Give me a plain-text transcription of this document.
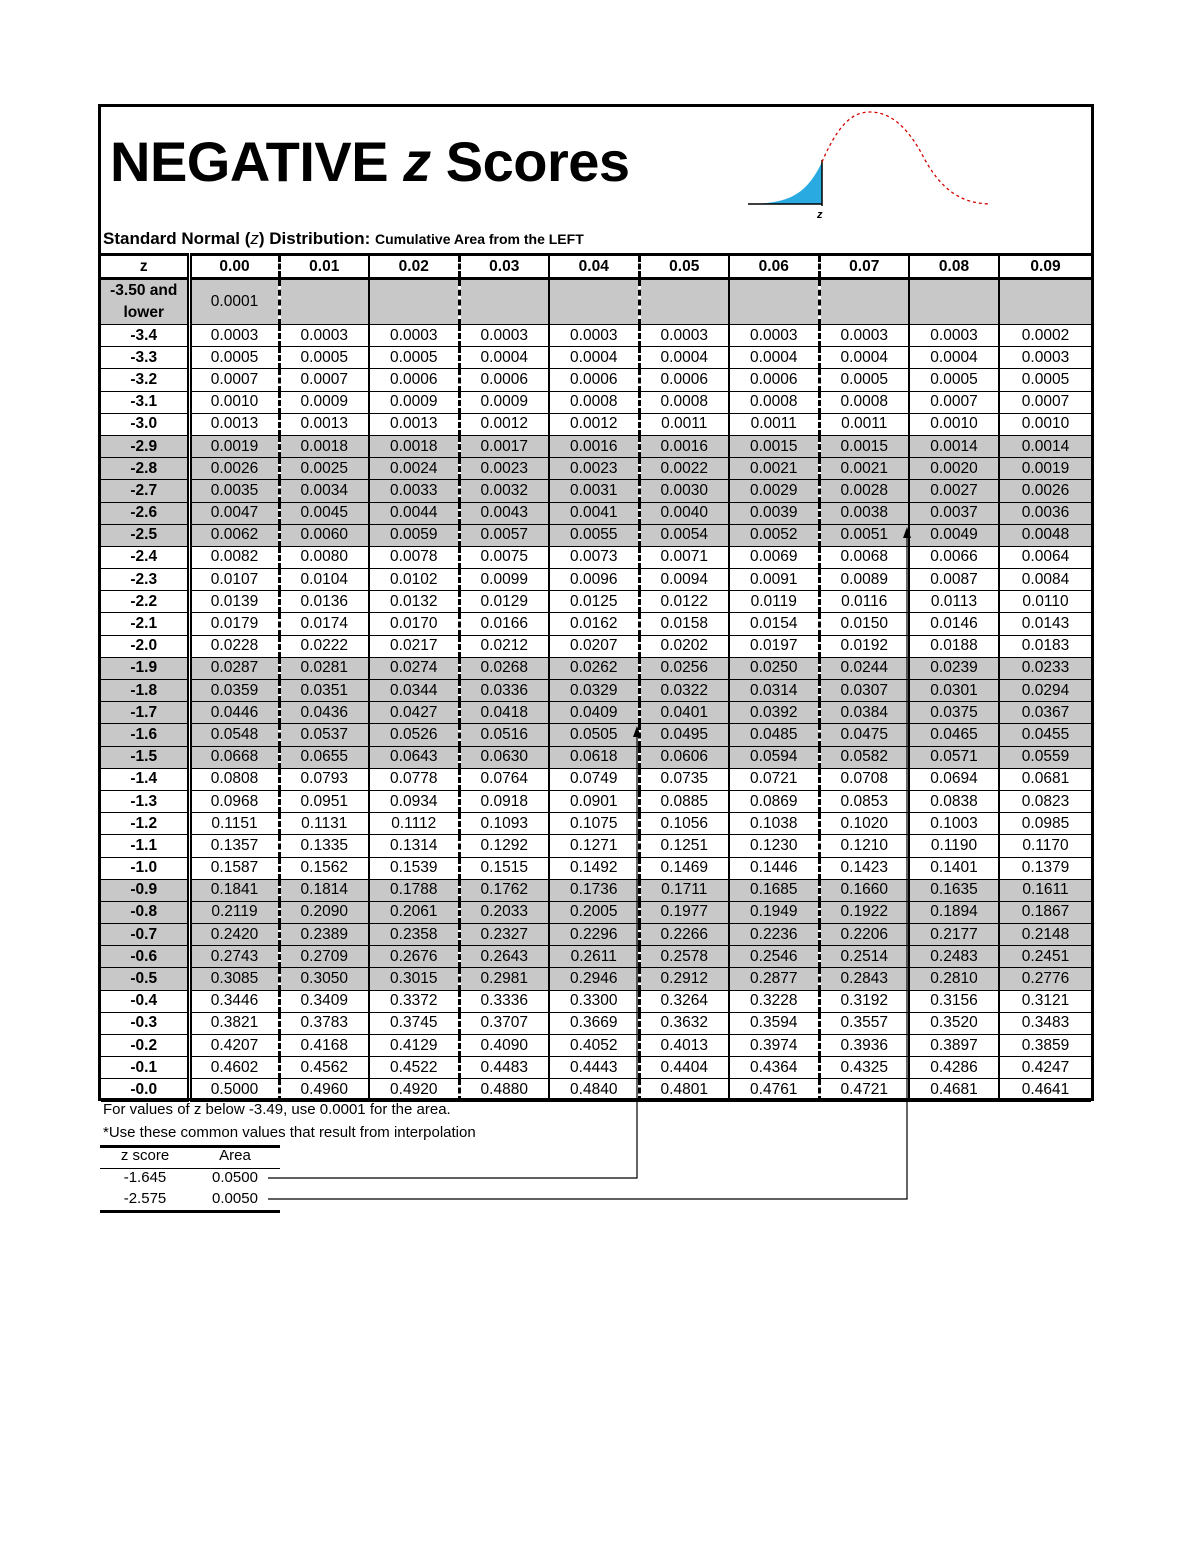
NEGATIVE z Scores
z
Standard Normal (z) Distribution: Cumulative Area from the LEFT
z	0.00	0.01	0.02	0.03	0.04	0.05	0.06	0.07	0.08	0.09
-3.50 and lower	0.0001									
-3.4	0.0003	0.0003	0.0003	0.0003	0.0003	0.0003	0.0003	0.0003	0.0003	0.0002
-3.3	0.0005	0.0005	0.0005	0.0004	0.0004	0.0004	0.0004	0.0004	0.0004	0.0003
-3.2	0.0007	0.0007	0.0006	0.0006	0.0006	0.0006	0.0006	0.0005	0.0005	0.0005
-3.1	0.0010	0.0009	0.0009	0.0009	0.0008	0.0008	0.0008	0.0008	0.0007	0.0007
-3.0	0.0013	0.0013	0.0013	0.0012	0.0012	0.0011	0.0011	0.0011	0.0010	0.0010
-2.9	0.0019	0.0018	0.0018	0.0017	0.0016	0.0016	0.0015	0.0015	0.0014	0.0014
-2.8	0.0026	0.0025	0.0024	0.0023	0.0023	0.0022	0.0021	0.0021	0.0020	0.0019
-2.7	0.0035	0.0034	0.0033	0.0032	0.0031	0.0030	0.0029	0.0028	0.0027	0.0026
-2.6	0.0047	0.0045	0.0044	0.0043	0.0041	0.0040	0.0039	0.0038	0.0037	0.0036
-2.5	0.0062	0.0060	0.0059	0.0057	0.0055	0.0054	0.0052	0.0051	0.0049	0.0048
-2.4	0.0082	0.0080	0.0078	0.0075	0.0073	0.0071	0.0069	0.0068	0.0066	0.0064
-2.3	0.0107	0.0104	0.0102	0.0099	0.0096	0.0094	0.0091	0.0089	0.0087	0.0084
-2.2	0.0139	0.0136	0.0132	0.0129	0.0125	0.0122	0.0119	0.0116	0.0113	0.0110
-2.1	0.0179	0.0174	0.0170	0.0166	0.0162	0.0158	0.0154	0.0150	0.0146	0.0143
-2.0	0.0228	0.0222	0.0217	0.0212	0.0207	0.0202	0.0197	0.0192	0.0188	0.0183
-1.9	0.0287	0.0281	0.0274	0.0268	0.0262	0.0256	0.0250	0.0244	0.0239	0.0233
-1.8	0.0359	0.0351	0.0344	0.0336	0.0329	0.0322	0.0314	0.0307	0.0301	0.0294
-1.7	0.0446	0.0436	0.0427	0.0418	0.0409	0.0401	0.0392	0.0384	0.0375	0.0367
-1.6	0.0548	0.0537	0.0526	0.0516	0.0505	0.0495	0.0485	0.0475	0.0465	0.0455
-1.5	0.0668	0.0655	0.0643	0.0630	0.0618	0.0606	0.0594	0.0582	0.0571	0.0559
-1.4	0.0808	0.0793	0.0778	0.0764	0.0749	0.0735	0.0721	0.0708	0.0694	0.0681
-1.3	0.0968	0.0951	0.0934	0.0918	0.0901	0.0885	0.0869	0.0853	0.0838	0.0823
-1.2	0.1151	0.1131	0.1112	0.1093	0.1075	0.1056	0.1038	0.1020	0.1003	0.0985
-1.1	0.1357	0.1335	0.1314	0.1292	0.1271	0.1251	0.1230	0.1210	0.1190	0.1170
-1.0	0.1587	0.1562	0.1539	0.1515	0.1492	0.1469	0.1446	0.1423	0.1401	0.1379
-0.9	0.1841	0.1814	0.1788	0.1762	0.1736	0.1711	0.1685	0.1660	0.1635	0.1611
-0.8	0.2119	0.2090	0.2061	0.2033	0.2005	0.1977	0.1949	0.1922	0.1894	0.1867
-0.7	0.2420	0.2389	0.2358	0.2327	0.2296	0.2266	0.2236	0.2206	0.2177	0.2148
-0.6	0.2743	0.2709	0.2676	0.2643	0.2611	0.2578	0.2546	0.2514	0.2483	0.2451
-0.5	0.3085	0.3050	0.3015	0.2981	0.2946	0.2912	0.2877	0.2843	0.2810	0.2776
-0.4	0.3446	0.3409	0.3372	0.3336	0.3300	0.3264	0.3228	0.3192	0.3156	0.3121
-0.3	0.3821	0.3783	0.3745	0.3707	0.3669	0.3632	0.3594	0.3557	0.3520	0.3483
-0.2	0.4207	0.4168	0.4129	0.4090	0.4052	0.4013	0.3974	0.3936	0.3897	0.3859
-0.1	0.4602	0.4562	0.4522	0.4483	0.4443	0.4404	0.4364	0.4325	0.4286	0.4247
-0.0	0.5000	0.4960	0.4920	0.4880	0.4840	0.4801	0.4761	0.4721	0.4681	0.4641
For values of z below -3.49, use 0.0001 for the area.
*Use these common values that result from interpolation
z score	Area
-1.645	0.0500
-2.575	0.0050
